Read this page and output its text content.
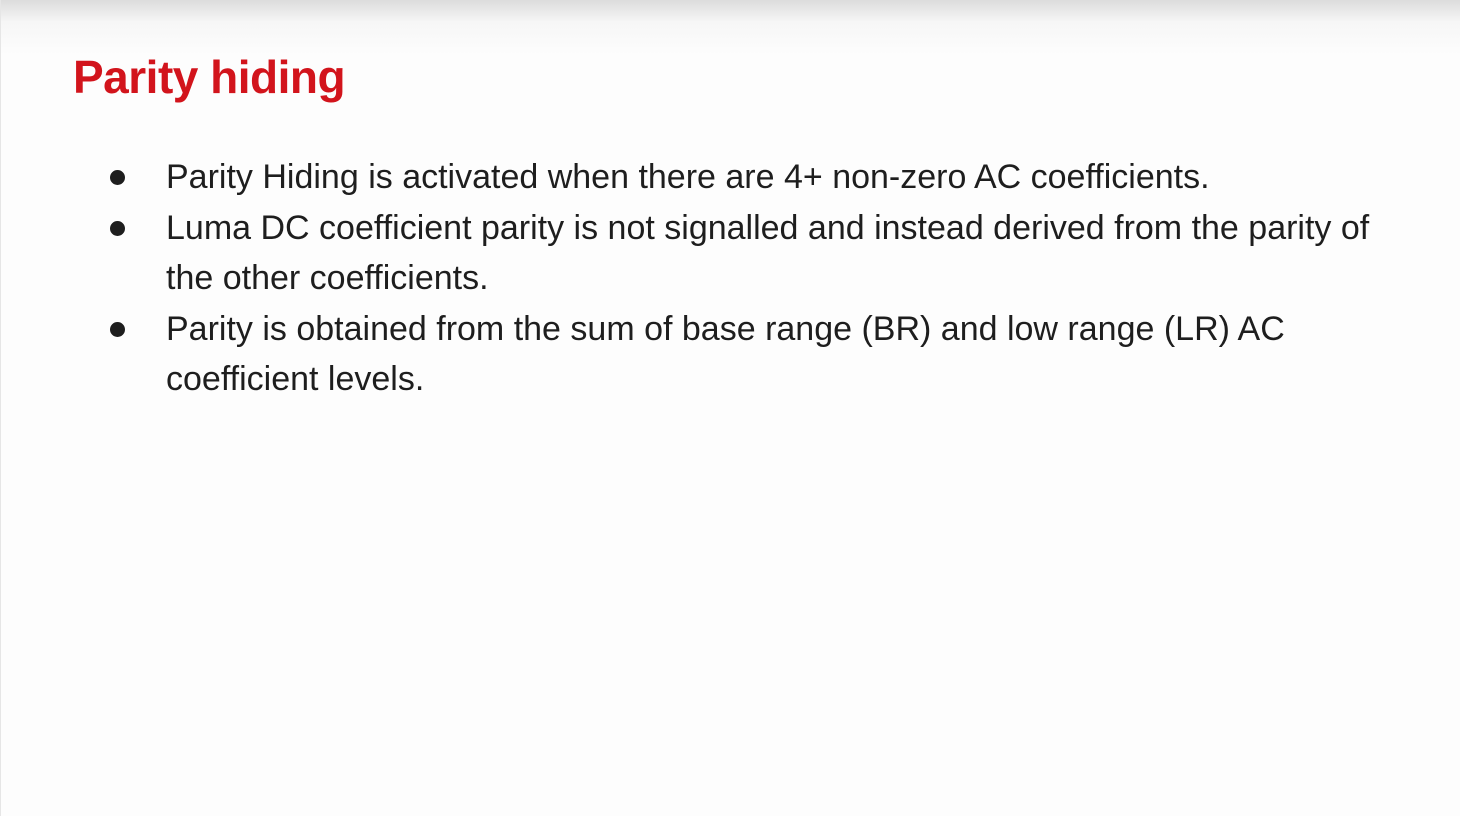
Parity hiding
Parity Hiding is activated when there are 4+ non-zero AC coefficients.
Luma DC coefficient parity is not signalled and instead derived from the parity of the other coefficients.
Parity is obtained from the sum of base range (BR) and low range (LR) AC coefficient levels.
